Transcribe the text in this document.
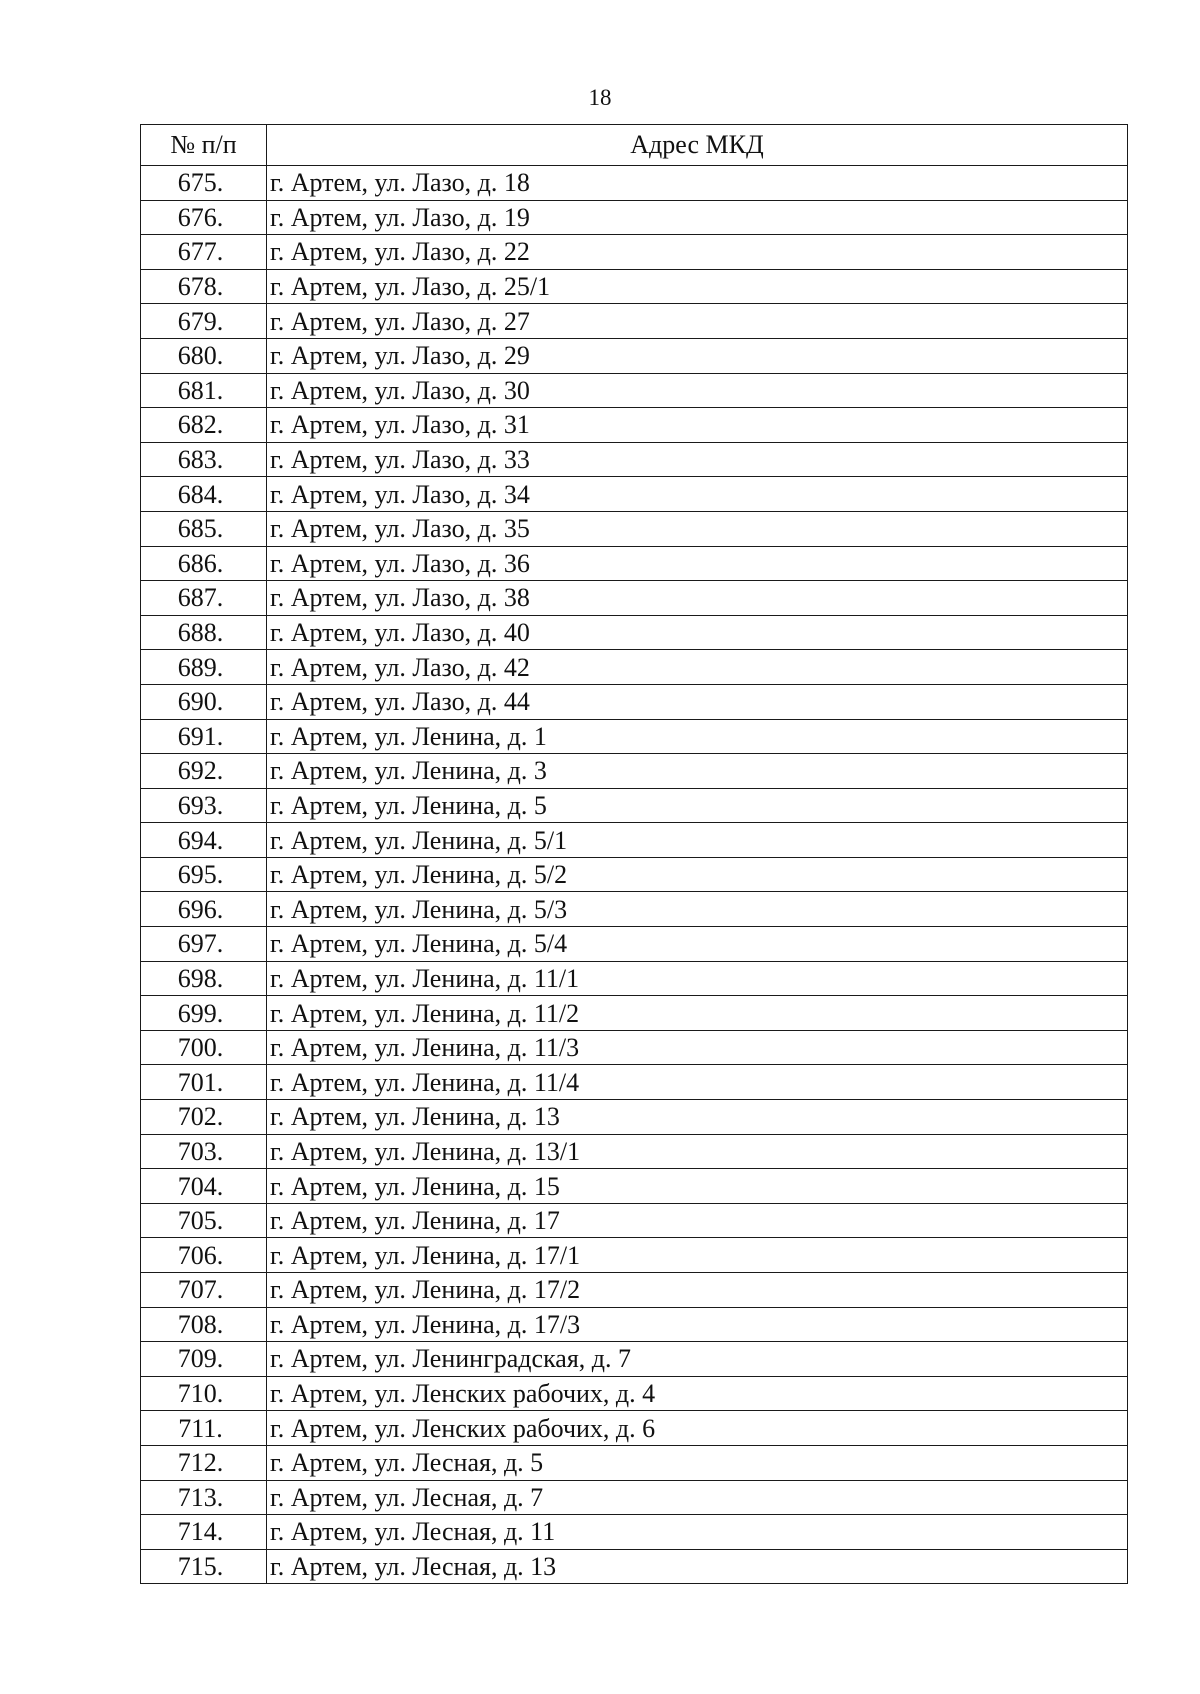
18
№ п/п	Адрес МКД
675.	г. Артем, ул. Лазо, д. 18
676.	г. Артем, ул. Лазо, д. 19
677.	г. Артем, ул. Лазо, д. 22
678.	г. Артем, ул. Лазо, д. 25/1
679.	г. Артем, ул. Лазо, д. 27
680.	г. Артем, ул. Лазо, д. 29
681.	г. Артем, ул. Лазо, д. 30
682.	г. Артем, ул. Лазо, д. 31
683.	г. Артем, ул. Лазо, д. 33
684.	г. Артем, ул. Лазо, д. 34
685.	г. Артем, ул. Лазо, д. 35
686.	г. Артем, ул. Лазо, д. 36
687.	г. Артем, ул. Лазо, д. 38
688.	г. Артем, ул. Лазо, д. 40
689.	г. Артем, ул. Лазо, д. 42
690.	г. Артем, ул. Лазо, д. 44
691.	г. Артем, ул. Ленина, д. 1
692.	г. Артем, ул. Ленина, д. 3
693.	г. Артем, ул. Ленина, д. 5
694.	г. Артем, ул. Ленина, д. 5/1
695.	г. Артем, ул. Ленина, д. 5/2
696.	г. Артем, ул. Ленина, д. 5/3
697.	г. Артем, ул. Ленина, д. 5/4
698.	г. Артем, ул. Ленина, д. 11/1
699.	г. Артем, ул. Ленина, д. 11/2
700.	г. Артем, ул. Ленина, д. 11/3
701.	г. Артем, ул. Ленина, д. 11/4
702.	г. Артем, ул. Ленина, д. 13
703.	г. Артем, ул. Ленина, д. 13/1
704.	г. Артем, ул. Ленина, д. 15
705.	г. Артем, ул. Ленина, д. 17
706.	г. Артем, ул. Ленина, д. 17/1
707.	г. Артем, ул. Ленина, д. 17/2
708.	г. Артем, ул. Ленина, д. 17/3
709.	г. Артем, ул. Ленинградская, д. 7
710.	г. Артем, ул. Ленских рабочих, д. 4
711.	г. Артем, ул. Ленских рабочих, д. 6
712.	г. Артем, ул. Лесная, д. 5
713.	г. Артем, ул. Лесная, д. 7
714.	г. Артем, ул. Лесная, д. 11
715.	г. Артем, ул. Лесная, д. 13
